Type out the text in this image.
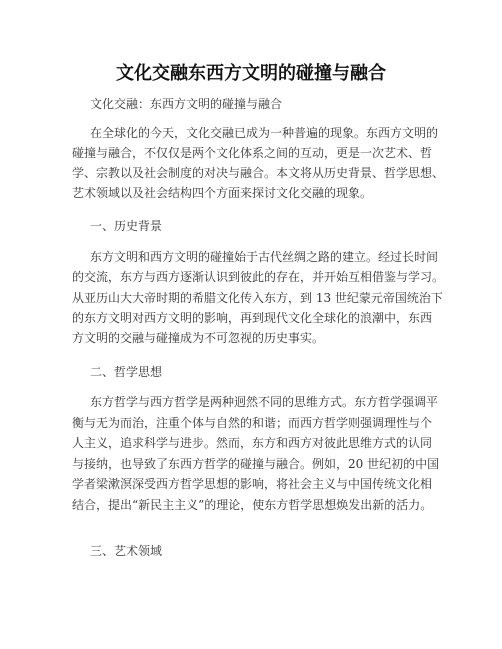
文化交融东西方文明的碰撞与融合
文化交融：东西方文明的碰撞与融合
在全球化的今天，文化交融已成为一种普遍的现象。东西方文明的
碰撞与融合，不仅仅是两个文化体系之间的互动，更是一次艺术、哲
学、宗教以及社会制度的对决与融合。本文将从历史背景、哲学思想、
艺术领域以及社会结构四个方面来探讨文化交融的现象。
一、历史背景
东方文明和西方文明的碰撞始于古代丝绸之路的建立。经过长时间
的交流，东方与西方逐渐认识到彼此的存在，并开始互相借鉴与学习。
从亚历山大大帝时期的希腊文化传入东方，到 13 世纪蒙元帝国统治下
的东方文明对西方文明的影响，再到现代文化全球化的浪潮中，东西
方文明的交融与碰撞成为不可忽视的历史事实。
二、哲学思想
东方哲学与西方哲学是两种迥然不同的思维方式。东方哲学强调平
衡与无为而治，注重个体与自然的和谐；而西方哲学则强调理性与个
人主义，追求科学与进步。然而，东方和西方对彼此思维方式的认同
与接纳，也导致了东西方哲学的碰撞与融合。例如，20 世纪初的中国
学者梁漱溟深受西方哲学思想的影响，将社会主义与中国传统文化相
结合，提出“新民主主义”的理论，使东方哲学思想焕发出新的活力。
三、艺术领域
